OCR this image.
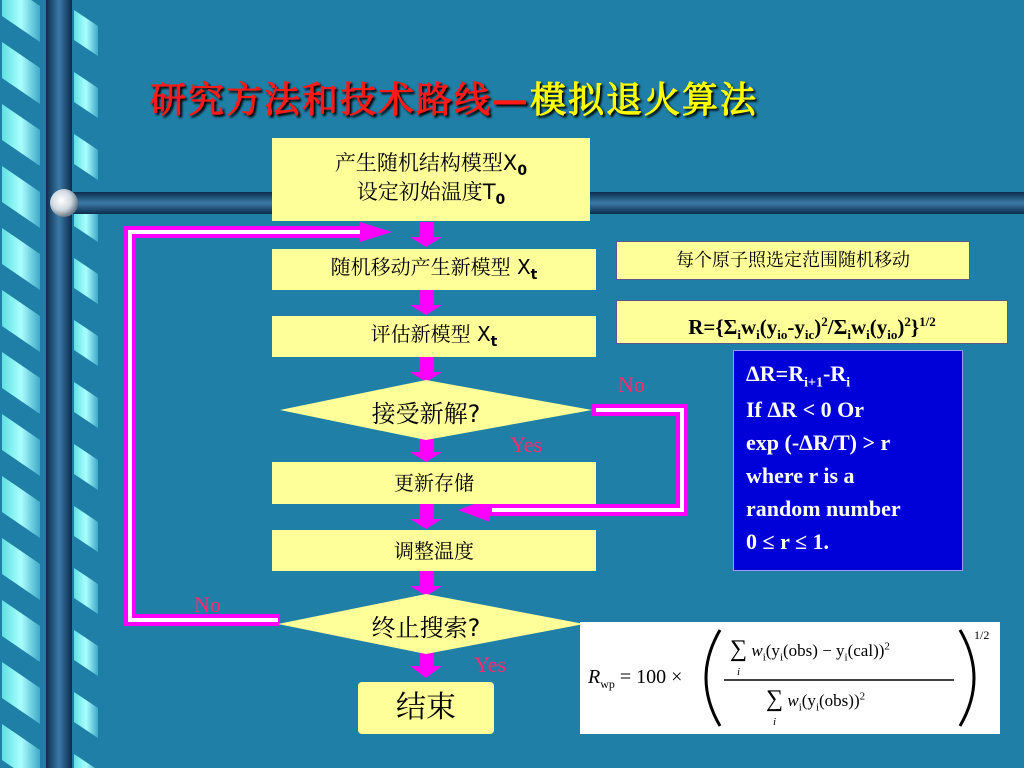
研究方法和技术路线—模拟退火算法
产生随机结构模型$X_0$
设定初始温度$T_0$
随机移动产生新模型 $X_t$
评估新模型 $X_t$
接受新解?
更新存储
调整温度
终止搜索?
结束
No
Yes
No
Yes
每个原子照选定范围随机移动
$R=\{\Sigma_iw_i(y_{io}-y_{ic})^2/\Sigma_iw_i(y_{io})^2\}^{1/2}$
$\Delta R=R_{i+1}-R_i$
If ΔR < 0 Or
exp (-ΔR/T) > r
where r is a
random number
0 ≤ r ≤ 1.
$R_{wp} = 100$ ×
∑ $w_i(y_i(obs) - y_i(cal))^2$
i
∑ $w_i(y_i(obs))^2$
i
1/2
